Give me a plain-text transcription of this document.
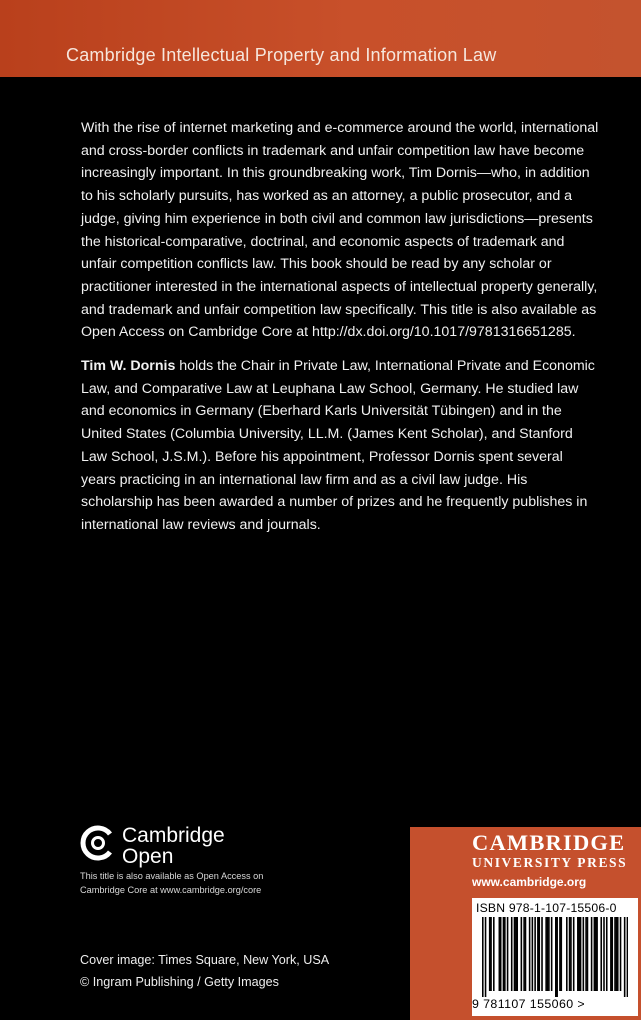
Cambridge Intellectual Property and Information Law

With the rise of internet marketing and e-commerce around the world, international and cross-border conflicts in trademark and unfair competition law have become increasingly important. In this groundbreaking work, Tim Dornis—who, in addition to his scholarly pursuits, has worked as an attorney, a public prosecutor, and a judge, giving him experience in both civil and common law jurisdictions—presents the historical-comparative, doctrinal, and economic aspects of trademark and unfair competition conflicts law. This book should be read by any scholar or practitioner interested in the international aspects of intellectual property generally, and trademark and unfair competition law specifically. This title is also available as Open Access on Cambridge Core at http://dx.doi.org/10.1017/9781316651285.

Tim W. Dornis holds the Chair in Private Law, International Private and Economic Law, and Comparative Law at Leuphana Law School, Germany. He studied law and economics in Germany (Eberhard Karls Universität Tübingen) and in the United States (Columbia University, LL.M. (James Kent Scholar), and Stanford Law School, J.S.M.). Before his appointment, Professor Dornis spent several years practicing in an international law firm and as a civil law judge. His scholarship has been awarded a number of prizes and he frequently publishes in international law reviews and journals.

Cambridge
Open
This title is also available as Open Access on Cambridge Core at www.cambridge.org/core
Cover image: Times Square, New York, USA © Ingram Publishing / Getty Images
CAMBRIDGE
UNIVERSITY PRESS
www.cambridge.org
ISBN 978-1-107-15506-0
9 781107 155060 >
